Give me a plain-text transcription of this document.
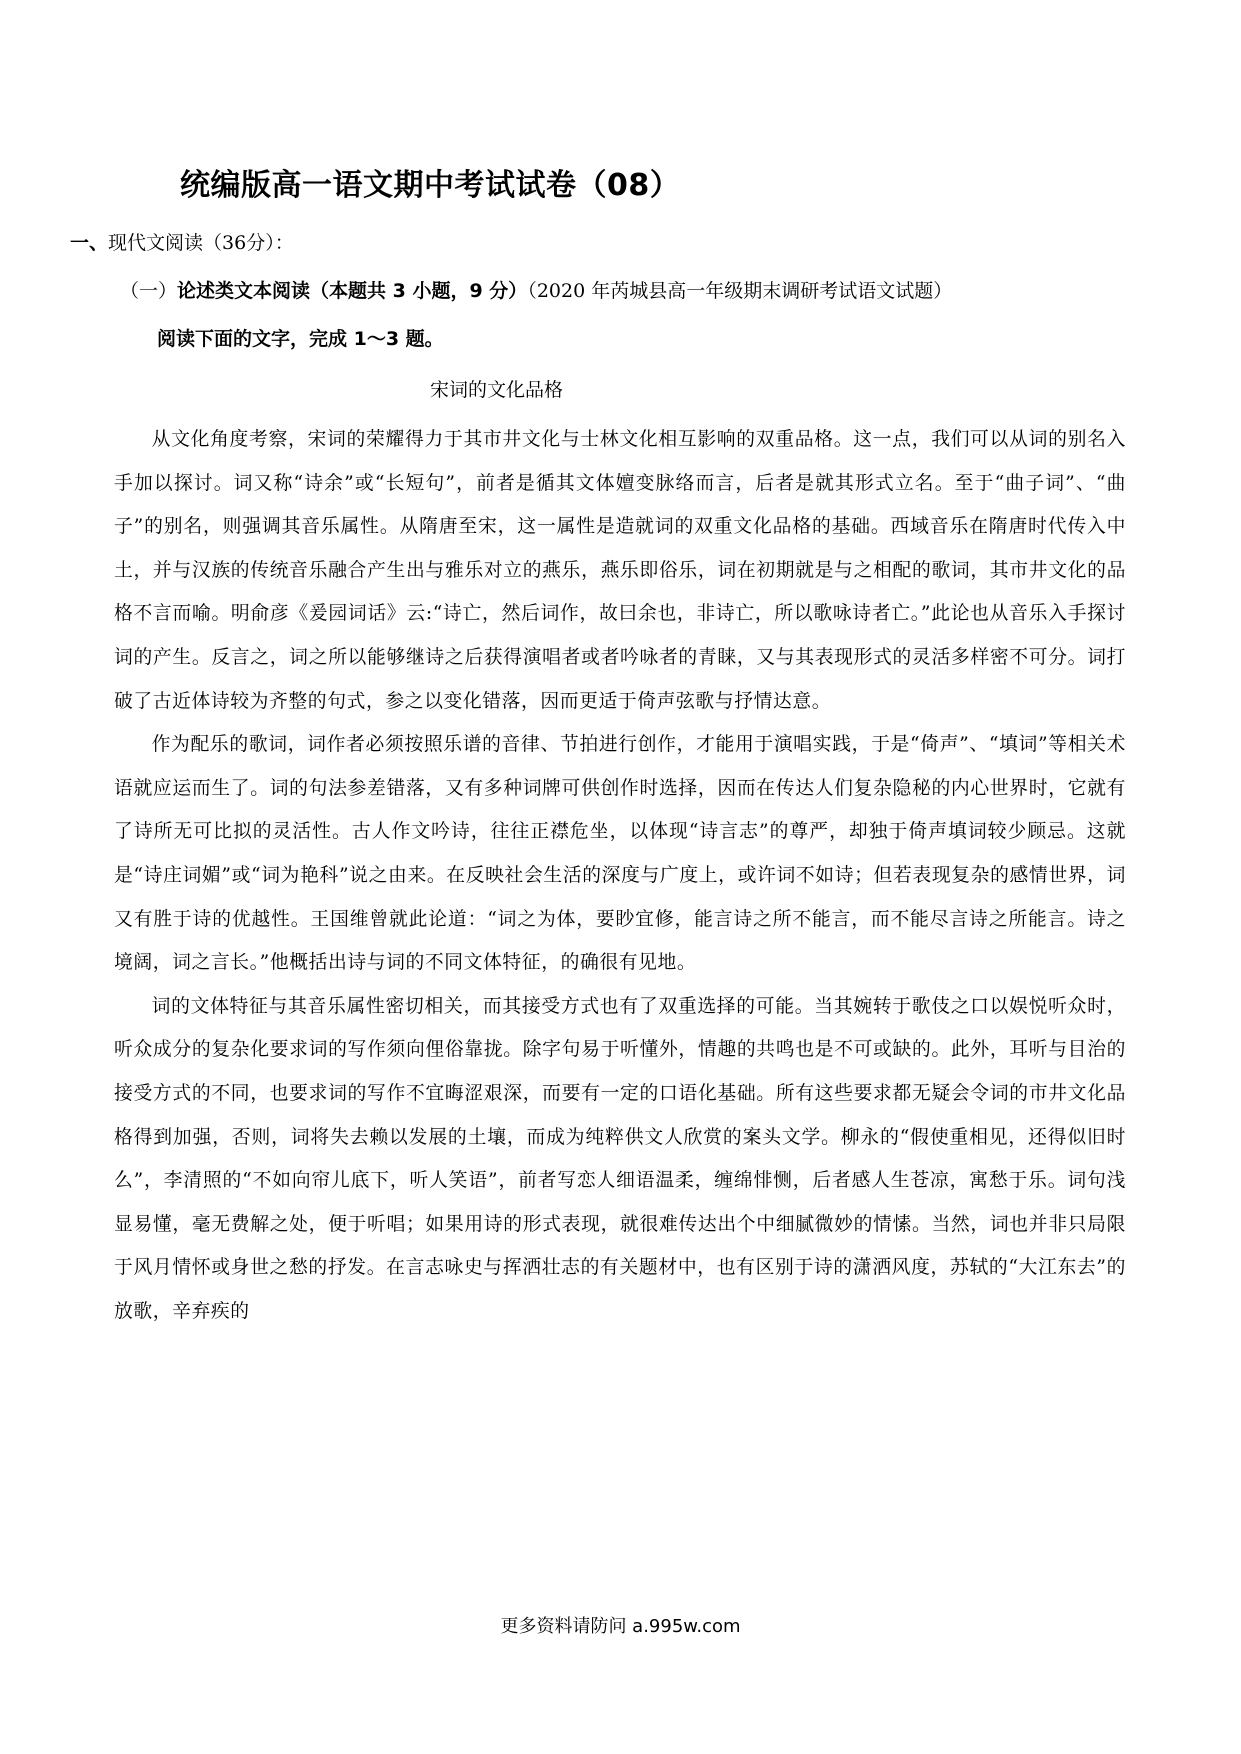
统编版高一语文期中考试试卷（08）
一、现代文阅读（36分）：
（一）论述类文本阅读（本题共 3 小题，9 分）（2020 年芮城县高一年级期末调研考试语文试题）
阅读下面的文字，完成 1～3 题。
宋词的文化品格

从文化角度考察，宋词的荣耀得力于其市井文化与士林文化相互影响的双重品格。这一点，我们可以从词的别名入手加以探讨。词又称“诗余”或“长短句”，前者是循其文体嬗变脉络而言，后者是就其形式立名。至于“曲子词”、“曲子”的别名，则强调其音乐属性。从隋唐至宋，这一属性是造就词的双重文化品格的基础。西域音乐在隋唐时代传入中土，并与汉族的传统音乐融合产生出与雅乐对立的燕乐，燕乐即俗乐，词在初期就是与之相配的歌词，其市井文化的品格不言而喻。明俞彦《爰园词话》云:“诗亡，然后词作，故曰余也，非诗亡，所以歌咏诗者亡。”此论也从音乐入手探讨词的产生。反言之，词之所以能够继诗之后获得演唱者或者吟咏者的青睐，又与其表现形式的灵活多样密不可分。词打破了古近体诗较为齐整的句式，参之以变化错落，因而更适于倚声弦歌与抒情达意。

作为配乐的歌词，词作者必须按照乐谱的音律、节拍进行创作，才能用于演唱实践，于是“倚声”、“填词”等相关术语就应运而生了。词的句法参差错落，又有多种词牌可供创作时选择，因而在传达人们复杂隐秘的内心世界时，它就有了诗所无可比拟的灵活性。古人作文吟诗，往往正襟危坐，以体现“诗言志”的尊严，却独于倚声填词较少顾忌。这就是“诗庄词媚”或“词为艳科”说之由来。在反映社会生活的深度与广度上，或许词不如诗；但若表现复杂的感情世界，词又有胜于诗的优越性。王国维曾就此论道：“词之为体，要眇宜修，能言诗之所不能言，而不能尽言诗之所能言。诗之境阔，词之言长。”他概括出诗与词的不同文体特征，的确很有见地。

词的文体特征与其音乐属性密切相关，而其接受方式也有了双重选择的可能。当其婉转于歌伎之口以娱悦听众时，听众成分的复杂化要求词的写作须向俚俗靠拢。除字句易于听懂外，情趣的共鸣也是不可或缺的。此外，耳听与目治的接受方式的不同，也要求词的写作不宜晦涩艰深，而要有一定的口语化基础。所有这些要求都无疑会令词的市井文化品格得到加强，否则，词将失去赖以发展的土壤，而成为纯粹供文人欣赏的案头文学。柳永的“假使重相见，还得似旧时么”，李清照的“不如向帘儿底下，听人笑语”，前者写恋人细语温柔，缠绵悱恻，后者感人生苍凉，寓愁于乐。词句浅显易懂，毫无费解之处，便于听唱；如果用诗的形式表现，就很难传达出个中细腻微妙的情愫。当然，词也并非只局限于风月情怀或身世之愁的抒发。在言志咏史与挥洒壮志的有关题材中，也有区别于诗的潇洒风度，苏轼的“大江东去”的放歌，辛弃疾的

更多资料请防问 a.995w.com
